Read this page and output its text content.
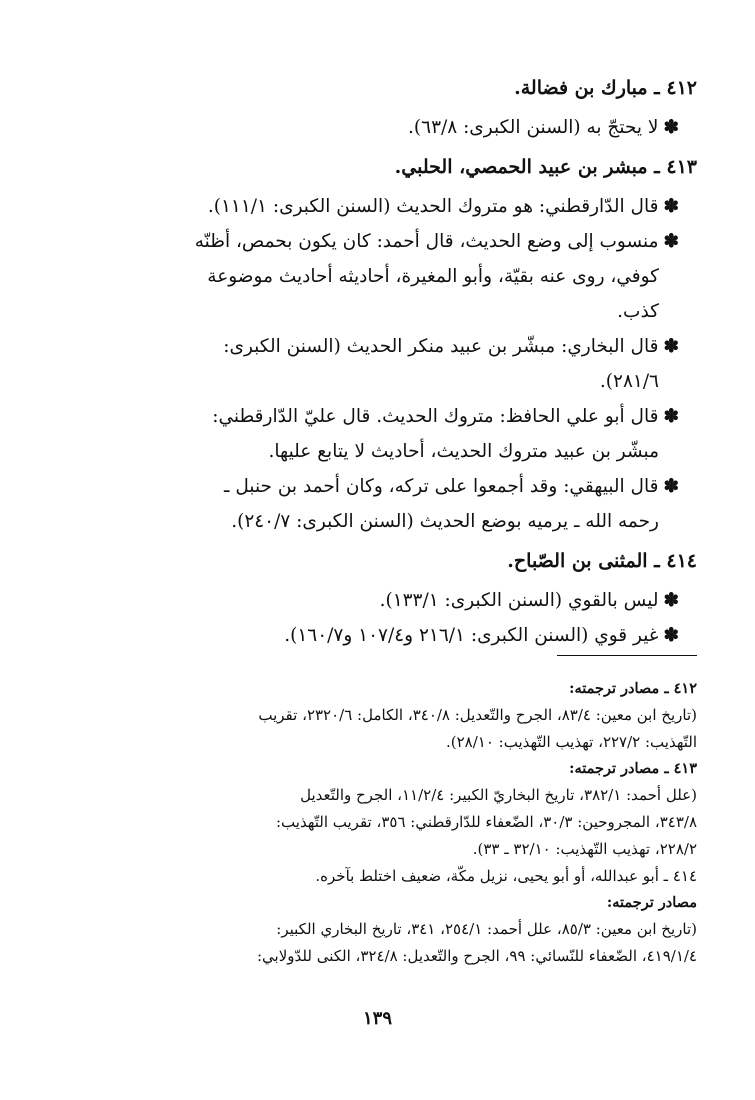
٤١٢ ـ مبارك بن فضالة.
✽لا يحتجّ به (السنن الكبرى: ٦٣/٨).
٤١٣ ـ مبشر بن عبيد الحمصي، الحلبي.
✽قال الدّارقطني: هو متروك الحديث (السنن الكبرى: ١١١/١).
✽منسوب إلى وضع الحديث، قال أحمد: كان يكون بحمص، أظنّه
كوفي، روى عنه بقيّة، وأبو المغيرة، أحاديثه أحاديث موضوعة
كذب.
✽قال البخاري: مبشّر بن عبيد منكر الحديث (السنن الكبرى:
٢٨١/٦).
✽قال أبو علي الحافظ: متروك الحديث. قال عليّ الدّارقطني:
مبشّر بن عبيد متروك الحديث، أحاديث لا يتابع عليها.
✽قال البيهقي: وقد أجمعوا على تركه، وكان أحمد بن حنبل ـ
رحمه الله ـ يرميه بوضع الحديث (السنن الكبرى: ٢٤٠/٧).
٤١٤ ـ المثنى بن الصّباح.
✽ليس بالقوي (السنن الكبرى: ١٣٣/١).
✽غير قوي (السنن الكبرى: ٢١٦/١ و١٠٧/٤ و١٦٠/٧).
٤١٢ ـ مصادر ترجمته:
(تاريخ ابن معين: ٨٣/٤، الجرح والتّعديل: ٣٤٠/٨، الكامل: ٢٣٢٠/٦، تقريب
التّهذيب: ٢٢٧/٢، تهذيب التّهذيب: ٢٨/١٠).
٤١٣ ـ مصادر ترجمته:
(علل أحمد: ٣٨٢/١، تاريخ البخاريّ الكبير: ١١/٢/٤، الجرح والتّعديل
٣٤٣/٨، المجروحين: ٣٠/٣، الضّعفاء للدّارقطني: ٣٥٦، تقريب التّهذيب:
٢٢٨/٢، تهذيب التّهذيب: ٣٢/١٠ ـ ٣٣).
٤١٤ ـ أبو عبدالله، أو أبو يحيى، نزيل مكّة، ضعيف اختلط بآخره.
مصادر ترجمته:
(تاريخ ابن معين: ٨٥/٣، علل أحمد: ٢٥٤/١، ٣٤١، تاريخ البخاري الكبير:
٤١٩/١/٤، الضّعفاء للنّسائي: ٩٩، الجرح والتّعديل: ٣٢٤/٨، الكنى للدّولابي:
١٣٩
